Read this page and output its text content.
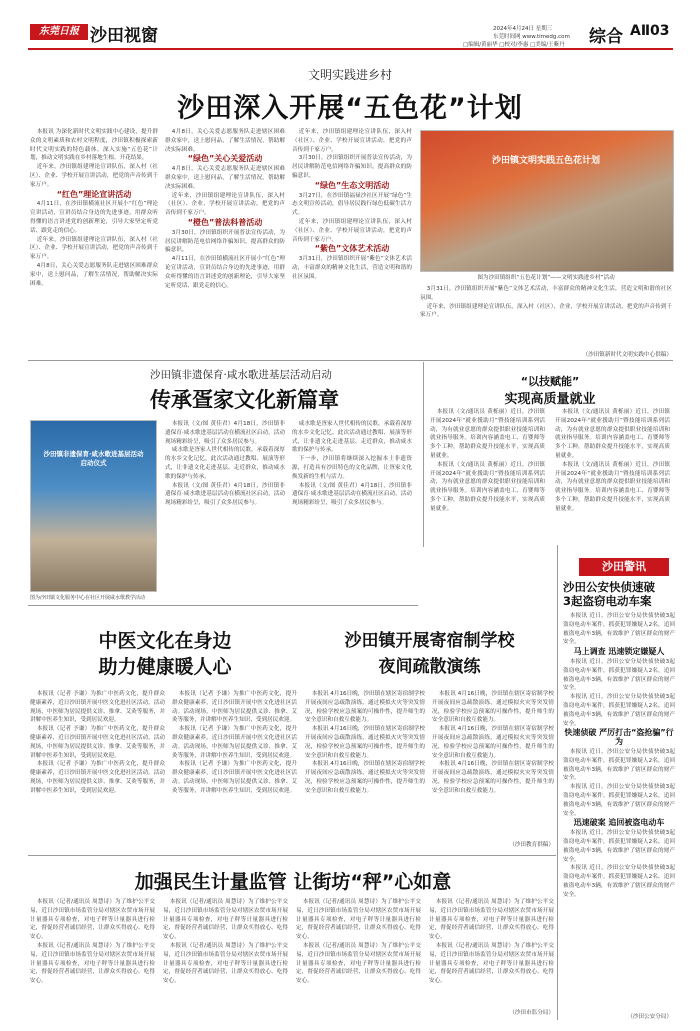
东莞日报 沙田视窗	2024年4月24日 星期三
东莞时间网 www.timedg.com
□编辑/黄丽华 □校对/李惠 □美编/王紫丹 综合 AⅡ03
文明实践进乡村
沙田深入开展“五色花”计划

本报讯 为深化新时代文明实践中心建设，提升群众的文明素质和农村文明程度，沙田镇积极探索新时代文明实践的特色载体，深入实施“五色花”计划，推动文明实践在乡村落地生根、开花结果。

近年来，沙田镇组建理论宣讲队伍，深入村（社区）、企业、学校开展宣讲活动，把党的声音传到千家万户。

“红色”理论宣讲活动

4月11日，在沙田镇横流社区开展小“红色”理论宣讲活动，宣讲员结合身边的先进事迹，用群众听得懂的语言讲述党的创新理论，引导大家坚定听党话、跟党走的信心。

近年来，沙田镇组建理论宣讲队伍，深入村（社区）、企业、学校开展宣讲活动，把党的声音传到千家万户。

4月8日，关心关爱志愿服务队走进辖区困难群众家中，送上慰问品，了解生活情况，帮助解决实际困难。

4月8日，关心关爱志愿服务队走进辖区困难群众家中，送上慰问品，了解生活情况，帮助解决实际困难。

“绿色”关心关爱活动

4月8日，关心关爱志愿服务队走进辖区困难群众家中，送上慰问品，了解生活情况，帮助解决实际困难。

近年来，沙田镇组建理论宣讲队伍，深入村（社区）、企业、学校开展宣讲活动，把党的声音传到千家万户。

“橙色”普法科普活动

3月30日，沙田镇组织开展普法宣传活动，为居民讲解防范电信网络诈骗知识，提高群众的防骗意识。

4月11日，在沙田镇横流社区开展小“红色”理论宣讲活动，宣讲员结合身边的先进事迹，用群众听得懂的语言讲述党的创新理论，引导大家坚定听党话、跟党走的信心。

近年来，沙田镇组建理论宣讲队伍，深入村（社区）、企业、学校开展宣讲活动，把党的声音传到千家万户。

3月30日，沙田镇组织开展普法宣传活动，为居民讲解防范电信网络诈骗知识，提高群众的防骗意识。

“绿色”生态文明活动

3月27日，在沙田镇福禄沙社区开展“绿色”生态文明宣传活动，倡导居民践行绿色低碳生活方式。

近年来，沙田镇组建理论宣讲队伍，深入村（社区）、企业、学校开展宣讲活动，把党的声音传到千家万户。

“紫色”文体艺术活动

3月31日，沙田镇组织开展“紫色”文体艺术活动，丰富群众的精神文化生活，营造文明和谐的社区氛围。

沙田镇文明实践五色花计划
图为沙田镇组织“五色花计划”——文明实践进乡村”活动

3月31日，沙田镇组织开展“紫色”文体艺术活动，丰富群众的精神文化生活，营造文明和谐的社区氛围。

近年来，沙田镇组建理论宣讲队伍，深入村（社区）、企业、学校开展宣讲活动，把党的声音传到千家万户。

（沙田镇新时代文明实践中心供稿）
沙田镇非遗保育·咸水歌进基层活动启动
传承疍家文化新篇章
沙田镇非遗保育·咸水歌进基层活动启动仪式
图为沙田镇文化服务中心在社区开展咸水歌教学活动

本报讯（文/图 黄佳君）4月18日，沙田镇非遗保育·咸水歌进基层活动在横流社区启动，活动现场精彩纷呈，吸引了众多居民参与。

咸水歌是疍家人世代相传的民歌，承载着深厚的水乡文化记忆。此次活动通过教唱、展演等形式，让非遗文化走进基层、走近群众，推动咸水歌的保护与传承。

本报讯（文/图 黄佳君）4月18日，沙田镇非遗保育·咸水歌进基层活动在横流社区启动，活动现场精彩纷呈，吸引了众多居民参与。

咸水歌是疍家人世代相传的民歌，承载着深厚的水乡文化记忆。此次活动通过教唱、展演等形式，让非遗文化走进基层、走近群众，推动咸水歌的保护与传承。

下一步，沙田镇将继续深入挖掘本土非遗资源，打造具有沙田特色的文化品牌，让疍家文化焕发新的生机与活力。

本报讯（文/图 黄佳君）4月18日，沙田镇非遗保育·咸水歌进基层活动在横流社区启动，活动现场精彩纷呈，吸引了众多居民参与。

“以技赋能”
实现高质量就业

本报讯（文/通讯员 黄栎丽）近日，沙田镇开展2024年“就业援助月”暨技能培训系列活动，为有就业意愿的群众提供职业技能培训和就业指导服务。培训内容涵盖电工、育婴师等多个工种，帮助群众提升技能水平，实现高质量就业。

本报讯（文/通讯员 黄栎丽）近日，沙田镇开展2024年“就业援助月”暨技能培训系列活动，为有就业意愿的群众提供职业技能培训和就业指导服务。培训内容涵盖电工、育婴师等多个工种，帮助群众提升技能水平，实现高质量就业。

本报讯（文/通讯员 黄栎丽）近日，沙田镇开展2024年“就业援助月”暨技能培训系列活动，为有就业意愿的群众提供职业技能培训和就业指导服务。培训内容涵盖电工、育婴师等多个工种，帮助群众提升技能水平，实现高质量就业。

本报讯（文/通讯员 黄栎丽）近日，沙田镇开展2024年“就业援助月”暨技能培训系列活动，为有就业意愿的群众提供职业技能培训和就业指导服务。培训内容涵盖电工、育婴师等多个工种，帮助群众提升技能水平，实现高质量就业。

沙田警讯
沙田公安快侦速破
3起盗窃电动车案

本报讯 近日，沙田公安分局快侦快破3起盗窃电动车案件，抓获犯罪嫌疑人2名，追回被盗电动车3辆，有效维护了辖区群众的财产安全。

马上调查 迅速锁定嫌疑人

本报讯 近日，沙田公安分局快侦快破3起盗窃电动车案件，抓获犯罪嫌疑人2名，追回被盗电动车3辆，有效维护了辖区群众的财产安全。

本报讯 近日，沙田公安分局快侦快破3起盗窃电动车案件，抓获犯罪嫌疑人2名，追回被盗电动车3辆，有效维护了辖区群众的财产安全。

快速侦破 严厉打击“盗抢骗”行为

本报讯 近日，沙田公安分局快侦快破3起盗窃电动车案件，抓获犯罪嫌疑人2名，追回被盗电动车3辆，有效维护了辖区群众的财产安全。

本报讯 近日，沙田公安分局快侦快破3起盗窃电动车案件，抓获犯罪嫌疑人2名，追回被盗电动车3辆，有效维护了辖区群众的财产安全。

迅速破案 追回被盗电动车

本报讯 近日，沙田公安分局快侦快破3起盗窃电动车案件，抓获犯罪嫌疑人2名，追回被盗电动车3辆，有效维护了辖区群众的财产安全。

本报讯 近日，沙田公安分局快侦快破3起盗窃电动车案件，抓获犯罪嫌疑人2名，追回被盗电动车3辆，有效维护了辖区群众的财产安全。

（沙田公安分局）
中医文化在身边
助力健康暖人心

本报讯（记者 予谦）为推广中医药文化，提升群众健康素养，近日沙田镇开展中医文化进社区活动。活动现场，中医师为居民提供义诊、推拿、艾灸等服务，并讲解中医养生知识，受到居民欢迎。

本报讯（记者 予谦）为推广中医药文化，提升群众健康素养，近日沙田镇开展中医文化进社区活动。活动现场，中医师为居民提供义诊、推拿、艾灸等服务，并讲解中医养生知识，受到居民欢迎。

本报讯（记者 予谦）为推广中医药文化，提升群众健康素养，近日沙田镇开展中医文化进社区活动。活动现场，中医师为居民提供义诊、推拿、艾灸等服务，并讲解中医养生知识，受到居民欢迎。

本报讯（记者 予谦）为推广中医药文化，提升群众健康素养，近日沙田镇开展中医文化进社区活动。活动现场，中医师为居民提供义诊、推拿、艾灸等服务，并讲解中医养生知识，受到居民欢迎。

本报讯（记者 予谦）为推广中医药文化，提升群众健康素养，近日沙田镇开展中医文化进社区活动。活动现场，中医师为居民提供义诊、推拿、艾灸等服务，并讲解中医养生知识，受到居民欢迎。

本报讯（记者 予谦）为推广中医药文化，提升群众健康素养，近日沙田镇开展中医文化进社区活动。活动现场，中医师为居民提供义诊、推拿、艾灸等服务，并讲解中医养生知识，受到居民欢迎。

沙田镇开展寄宿制学校
夜间疏散演练

本报讯 4月16日晚，沙田镇在辖区寄宿制学校开展夜间应急疏散演练，通过模拟火灾等突发情况，检验学校应急预案的可操作性，提升师生的安全意识和自救互救能力。

本报讯 4月16日晚，沙田镇在辖区寄宿制学校开展夜间应急疏散演练，通过模拟火灾等突发情况，检验学校应急预案的可操作性，提升师生的安全意识和自救互救能力。

本报讯 4月16日晚，沙田镇在辖区寄宿制学校开展夜间应急疏散演练，通过模拟火灾等突发情况，检验学校应急预案的可操作性，提升师生的安全意识和自救互救能力。

本报讯 4月16日晚，沙田镇在辖区寄宿制学校开展夜间应急疏散演练，通过模拟火灾等突发情况，检验学校应急预案的可操作性，提升师生的安全意识和自救互救能力。

本报讯 4月16日晚，沙田镇在辖区寄宿制学校开展夜间应急疏散演练，通过模拟火灾等突发情况，检验学校应急预案的可操作性，提升师生的安全意识和自救互救能力。

本报讯 4月16日晚，沙田镇在辖区寄宿制学校开展夜间应急疏散演练，通过模拟火灾等突发情况，检验学校应急预案的可操作性，提升师生的安全意识和自救互救能力。

（沙田教育供稿）
加强民生计量监管 让街坊“秤”心如意

本报讯（记者/通讯员 周慧诗）为了维护公平交易，近日沙田镇市场监管分局对辖区农贸市场开展计量器具专项检查，对电子秤等计量器具进行检定，督促经营者诚信经营，让群众买得放心、吃得安心。

本报讯（记者/通讯员 周慧诗）为了维护公平交易，近日沙田镇市场监管分局对辖区农贸市场开展计量器具专项检查，对电子秤等计量器具进行检定，督促经营者诚信经营，让群众买得放心、吃得安心。

本报讯（记者/通讯员 周慧诗）为了维护公平交易，近日沙田镇市场监管分局对辖区农贸市场开展计量器具专项检查，对电子秤等计量器具进行检定，督促经营者诚信经营，让群众买得放心、吃得安心。

本报讯（记者/通讯员 周慧诗）为了维护公平交易，近日沙田镇市场监管分局对辖区农贸市场开展计量器具专项检查，对电子秤等计量器具进行检定，督促经营者诚信经营，让群众买得放心、吃得安心。

本报讯（记者/通讯员 周慧诗）为了维护公平交易，近日沙田镇市场监管分局对辖区农贸市场开展计量器具专项检查，对电子秤等计量器具进行检定，督促经营者诚信经营，让群众买得放心、吃得安心。

本报讯（记者/通讯员 周慧诗）为了维护公平交易，近日沙田镇市场监管分局对辖区农贸市场开展计量器具专项检查，对电子秤等计量器具进行检定，督促经营者诚信经营，让群众买得放心、吃得安心。

本报讯（记者/通讯员 周慧诗）为了维护公平交易，近日沙田镇市场监管分局对辖区农贸市场开展计量器具专项检查，对电子秤等计量器具进行检定，督促经营者诚信经营，让群众买得放心、吃得安心。

本报讯（记者/通讯员 周慧诗）为了维护公平交易，近日沙田镇市场监管分局对辖区农贸市场开展计量器具专项检查，对电子秤等计量器具进行检定，督促经营者诚信经营，让群众买得放心、吃得安心。

（沙田市监分局）
